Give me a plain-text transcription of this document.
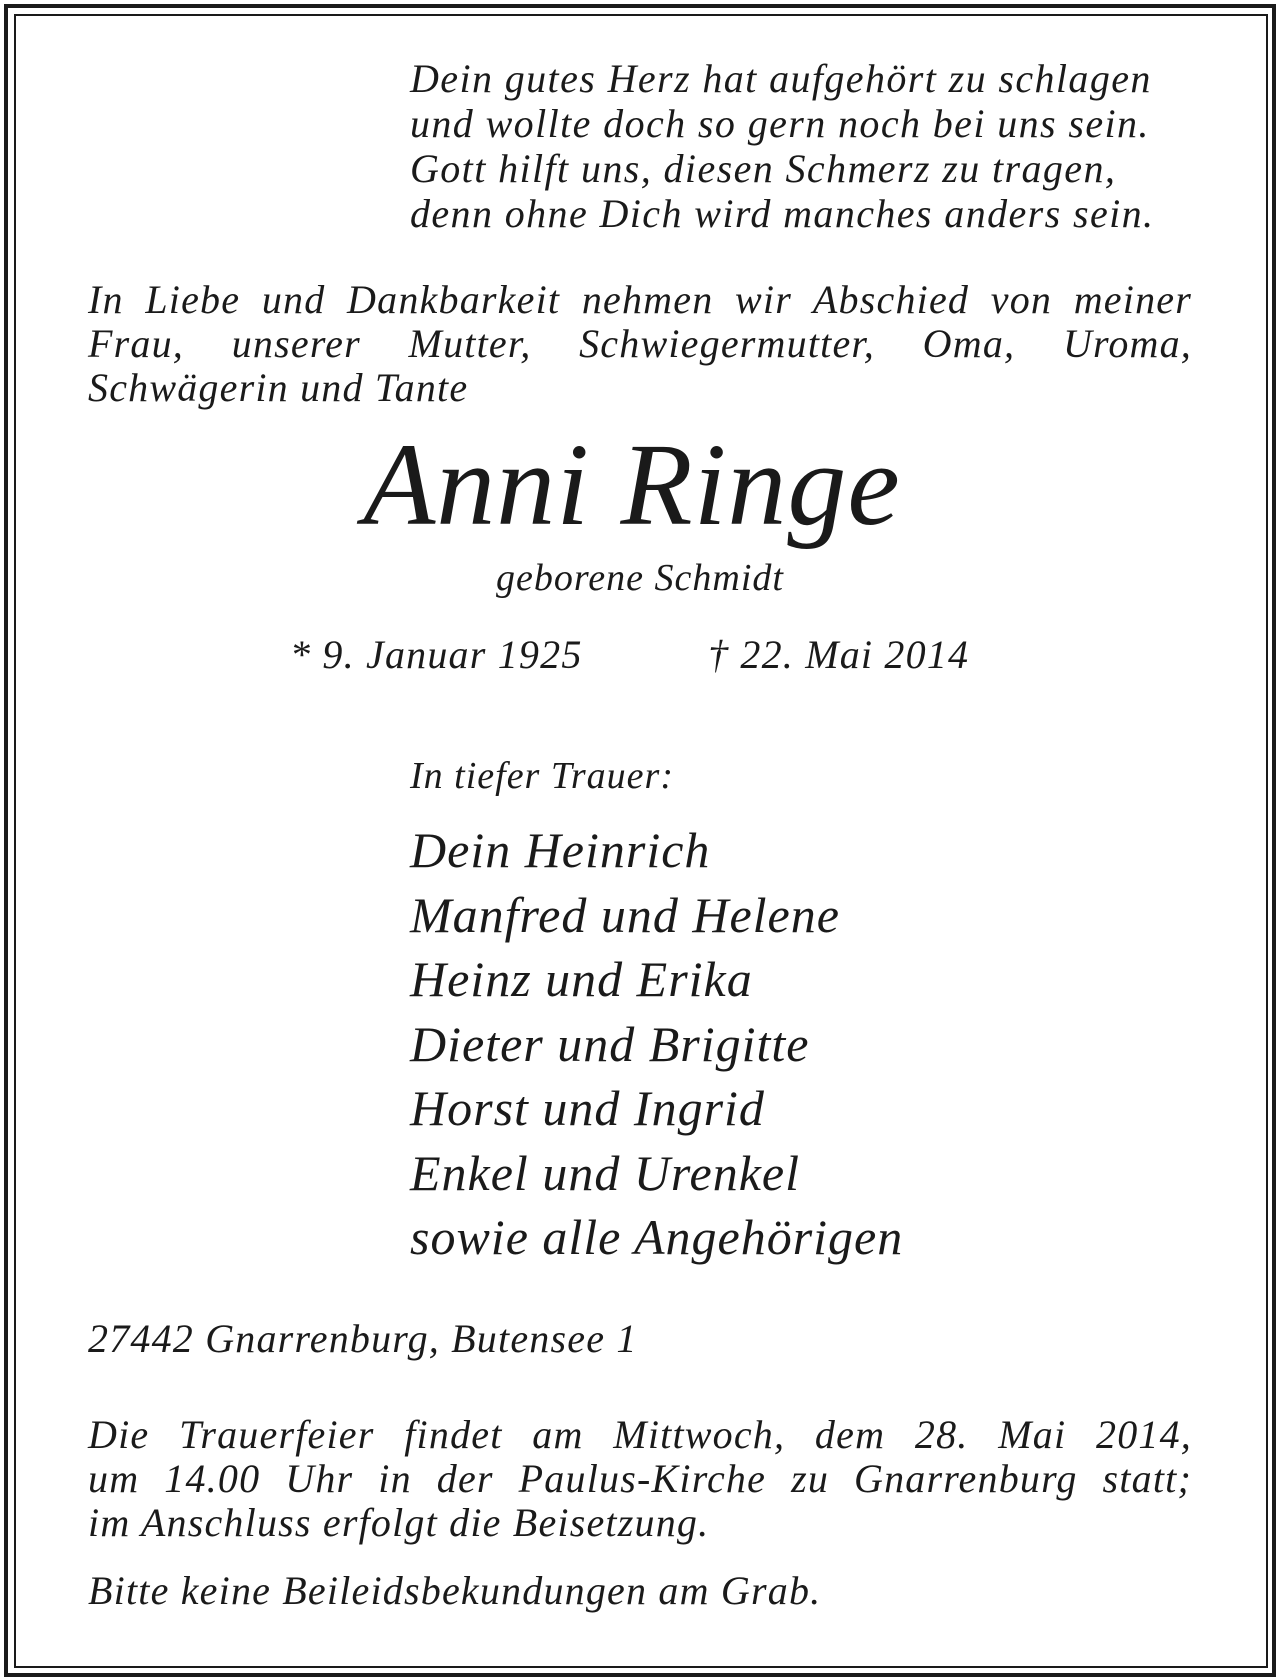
Dein gutes Herz hat aufgehört zu schlagen
und wollte doch so gern noch bei uns sein.
Gott hilft uns, diesen Schmerz zu tragen,
denn ohne Dich wird manches anders sein.
In Liebe und Dankbarkeit nehmen wir Abschied von meiner
Frau, unserer Mutter, Schwiegermutter, Oma, Uroma,
Schwägerin und Tante
Anni Ringe
geborene Schmidt
* 9. Januar 1925	† 22. Mai 2014
In tiefer Trauer:
Dein Heinrich
Manfred und Helene
Heinz und Erika
Dieter und Brigitte
Horst und Ingrid
Enkel und Urenkel
sowie alle Angehörigen
27442 Gnarrenburg, Butensee 1
Die Trauerfeier findet am Mittwoch, dem 28. Mai 2014,
um 14.00 Uhr in der Paulus-Kirche zu Gnarrenburg statt;
im Anschluss erfolgt die Beisetzung.
Bitte keine Beileidsbekundungen am Grab.
